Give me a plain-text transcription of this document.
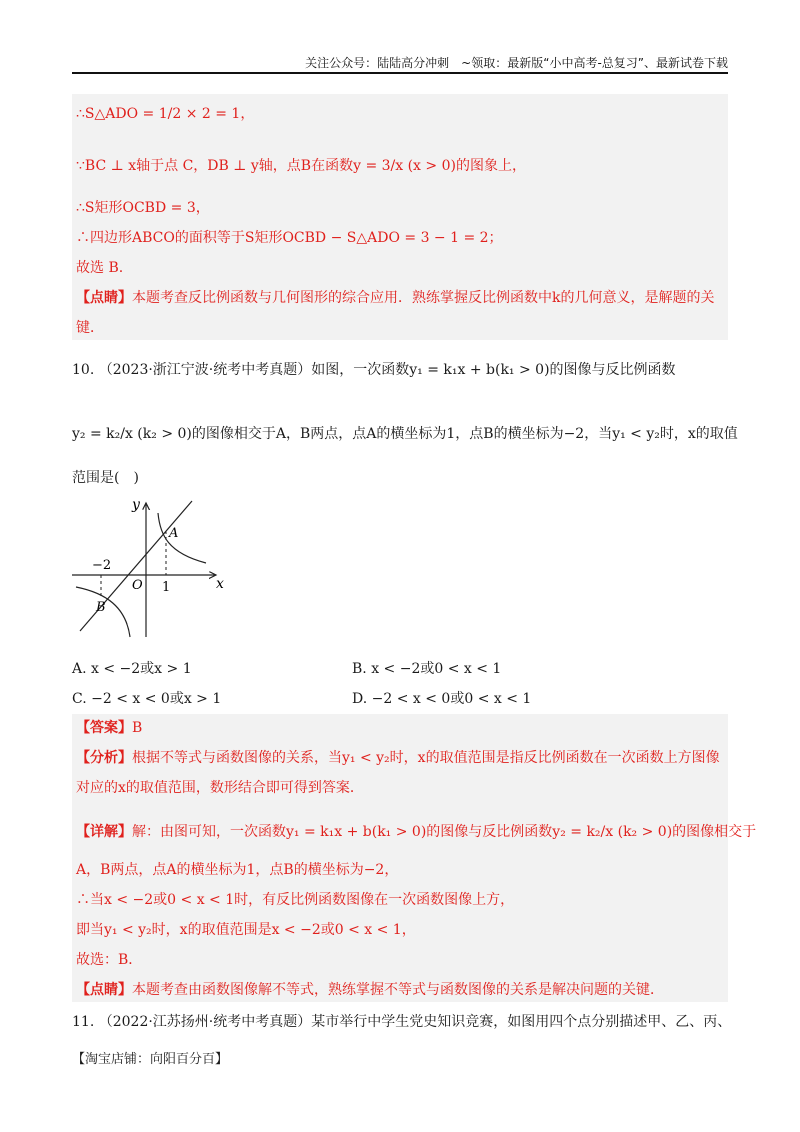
关注公众号：陆陆高分冲刺　~领取：最新版“小中高考-总复习”、最新试卷下载
∴S△ADO = 1/2 × 2 = 1，
∵BC ⊥ x轴于点 C，DB ⊥ y轴，点B在函数y = 3/x (x > 0)的图象上，
∴S矩形OCBD = 3，
∴四边形ABCO的面积等于S矩形OCBD − S△ADO = 3 − 1 = 2；
故选 B.
【点睛】本题考查反比例函数与几何图形的综合应用．熟练掌握反比例函数中k的几何意义，是解题的关
键．
10. （2023·浙江宁波·统考中考真题）如图，一次函数y₁ = k₁x + b(k₁ > 0)的图像与反比例函数
y₂ = k₂/x (k₂ > 0)的图像相交于A，B两点，点A的横坐标为1，点B的横坐标为−2，当y₁ < y₂时，x的取值
范围是(　)
y
x
O
A
B
−2
1
A. x < −2或x > 1	B. x < −2或0 < x < 1
C. −2 < x < 0或x > 1	D. −2 < x < 0或0 < x < 1
【答案】B
【分析】根据不等式与函数图像的关系，当y₁ < y₂时，x的取值范围是指反比例函数在一次函数上方图像
对应的x的取值范围，数形结合即可得到答案．
【详解】解：由图可知，一次函数y₁ = k₁x + b(k₁ > 0)的图像与反比例函数y₂ = k₂/x (k₂ > 0)的图像相交于
A，B两点，点A的横坐标为1，点B的横坐标为−2，
∴当x < −2或0 < x < 1时，有反比例函数图像在一次函数图像上方，
即当y₁ < y₂时，x的取值范围是x < −2或0 < x < 1，
故选：B．
【点睛】本题考查由函数图像解不等式，熟练掌握不等式与函数图像的关系是解决问题的关键．
11. （2022·江苏扬州·统考中考真题）某市举行中学生党史知识竞赛，如图用四个点分别描述甲、乙、丙、
【淘宝店铺：向阳百分百】
